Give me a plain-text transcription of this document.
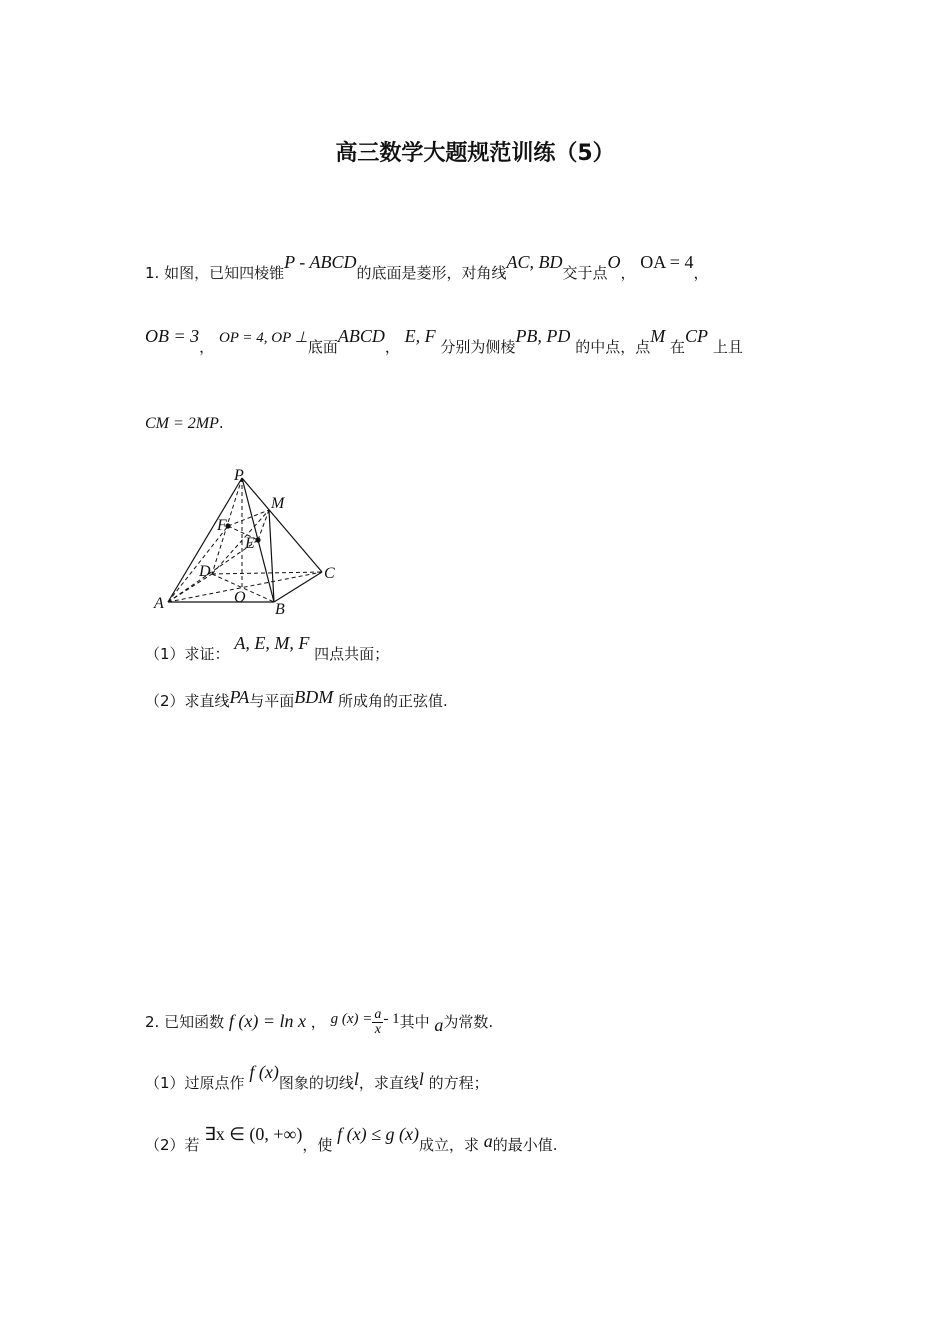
高三数学大题规范训练（5）
1. 如图，已知四棱锥P - ABCD的底面是菱形，对角线AC, BD交于点O， OA = 4，
OB = 3， OP = 4, OP ⊥底面ABCD， E, F 分别为侧棱PB, PD 的中点，点M 在CP 上且
CM = 2MP.
P
M
F
E
D	C
A	O
B
（1）求证： A, E, M, F 四点共面；
（2）求直线PA与平面BDM 所成角的正弦值.
2. 已知函数 f (x) = ln x ， g $(x) = \frac{a}{x} - 1$其中 a为常数.
（1）过原点作 f (x)图象的切线l，求直线l 的方程；
（2）若 ∃x ∈ (0, +∞)，使 f (x) ≤ g (x)成立，求 a的最小值.
